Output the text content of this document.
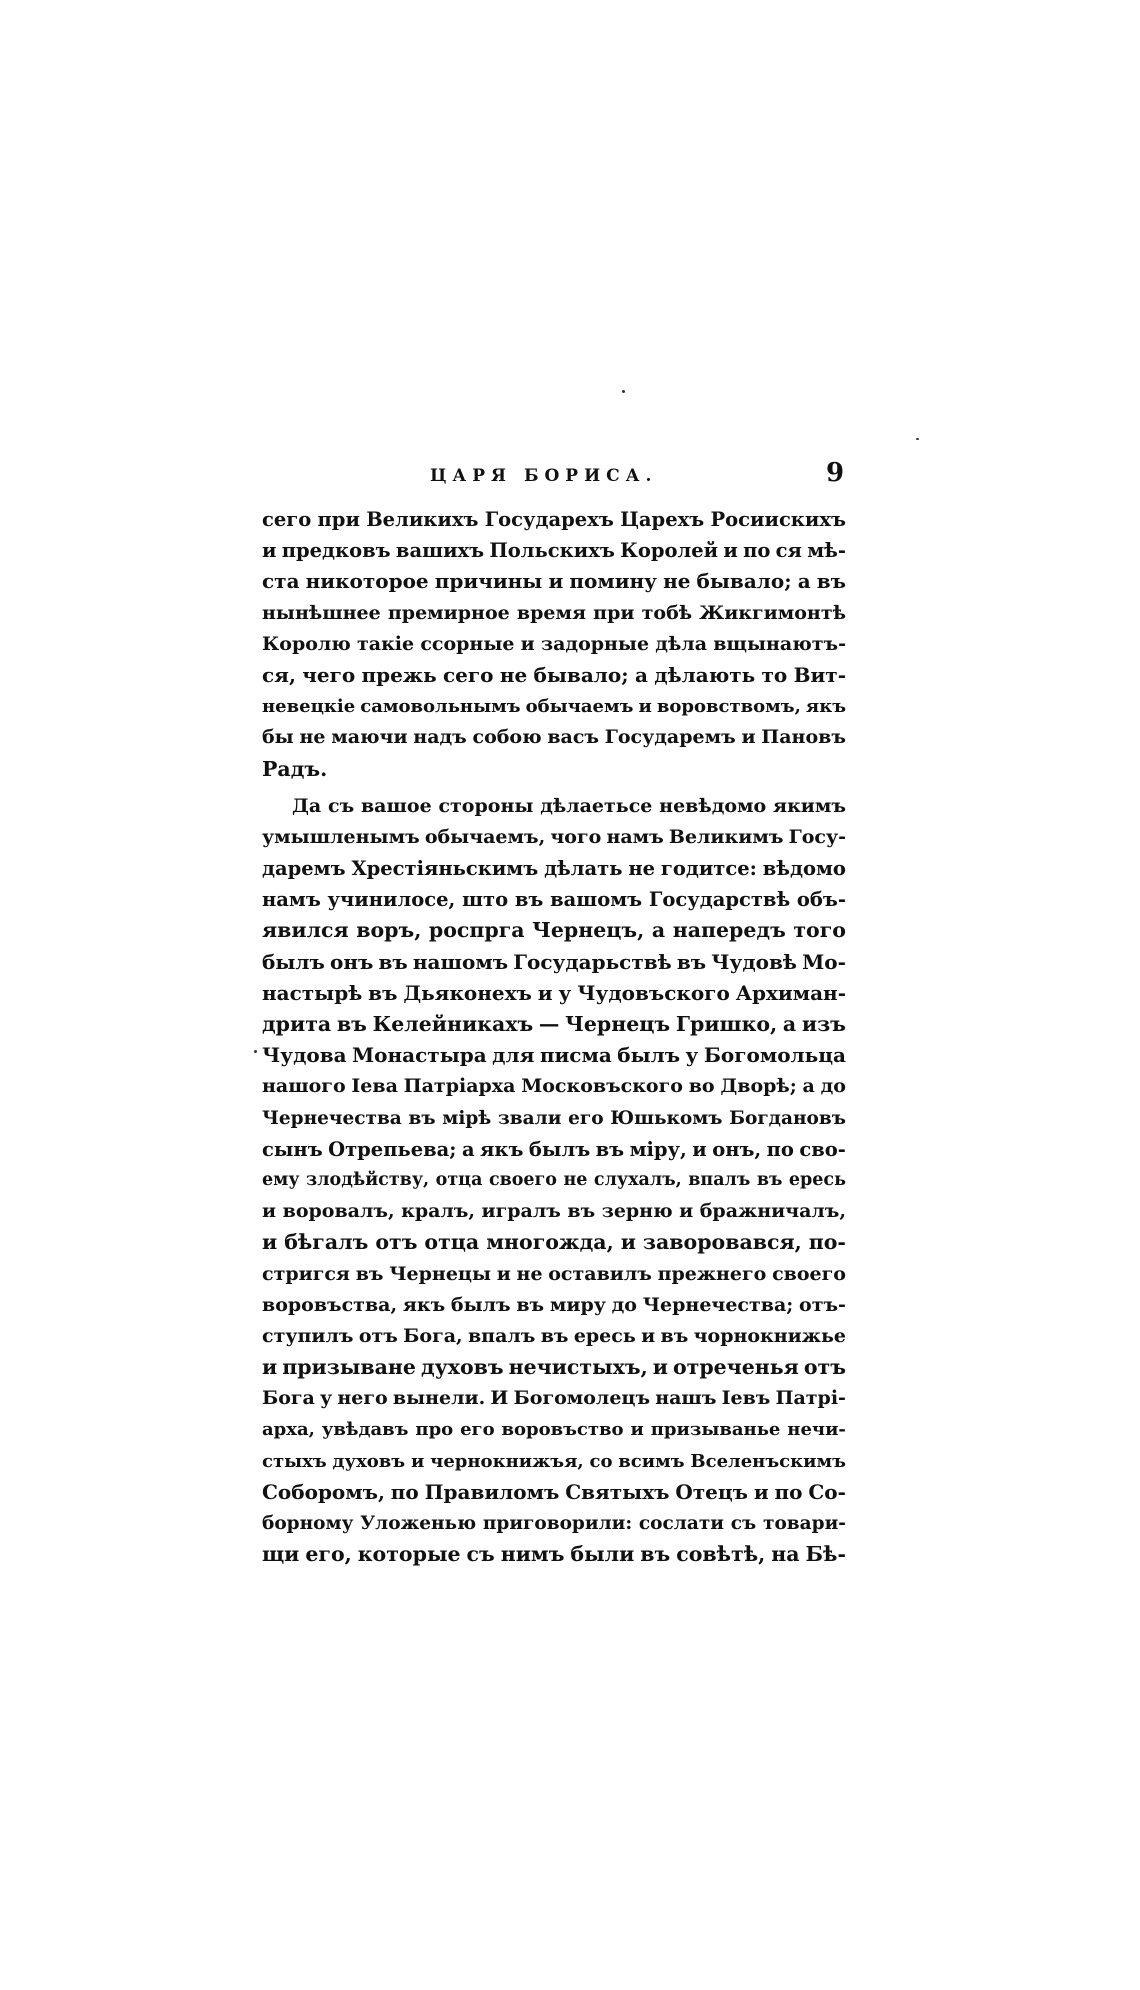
ЦАРЯ БОРИСА.	9
сего при Великихъ Государехъ Царехъ Росиискихъ
и предковъ вашихъ Польскихъ Королей и по ся мѣ-
ста никоторое причины и помину не бывало; а въ
нынѣшнее премирное время при тобѣ Жикгимонтѣ
Королю такіе ссорные и задорные дѣла вщынаютъ-
ся, чего прежь сего не бывало; а дѣлають то Вит-
невецкіе самовольнымъ обычаемъ и воровствомъ, якъ
бы не маючи надъ собою васъ Государемъ и Пановъ
Радъ.
Да съ вашое стороны дѣлаетьсе невѣдомо якимъ
умышленымъ обычаемъ, чого намъ Великимъ Госу-
даремъ Хрестіяньскимъ дѣлать не годитсе: вѣдомо
намъ учинилосе, што въ вашомъ Государствѣ объ-
явился воръ, роспрга Чернецъ, а напередъ того
былъ онъ въ нашомъ Государьствѣ въ Чудовѣ Мо-
настырѣ въ Дьяконехъ и у Чудовъского Архиман-
дрита въ Келейникахъ — Чернецъ Гришко, а изъ
Чудова Монастыра для писма былъ у Богомольца
нашого Іева Патріарха Московъского во Дворѣ; а до
Чернечества въ мірѣ звали его Юшькомъ Богдановъ
сынъ Отрепьева; а якъ былъ въ міру, и онъ, по сво-
ему злодѣйству, отца своего не слухалъ, впалъ въ ересь
и воровалъ, кралъ, игралъ въ зерню и бражничалъ,
и бѣгалъ отъ отца многожда, и заворовався, по-
стригся въ Чернецы и не оставилъ прежнего своего
воровъства, якъ былъ въ миру до Чернечества; отъ-
ступилъ отъ Бога, впалъ въ ересь и въ чорнокнижье
и призыване духовъ нечистыхъ, и отреченья отъ
Бога у него вынели. И Богомолецъ нашъ Іевъ Патрі-
арха, увѣдавъ про его воровъство и призыванье нечи-
стыхъ духовъ и чернокнижъя, со всимъ Вселенъскимъ
Соборомъ, по Правиломъ Святыхъ Отецъ и по Со-
борному Уложенью приговорили: сослати съ товари-
щи его, которые съ нимъ были въ совѣтѣ, на Бѣ-
